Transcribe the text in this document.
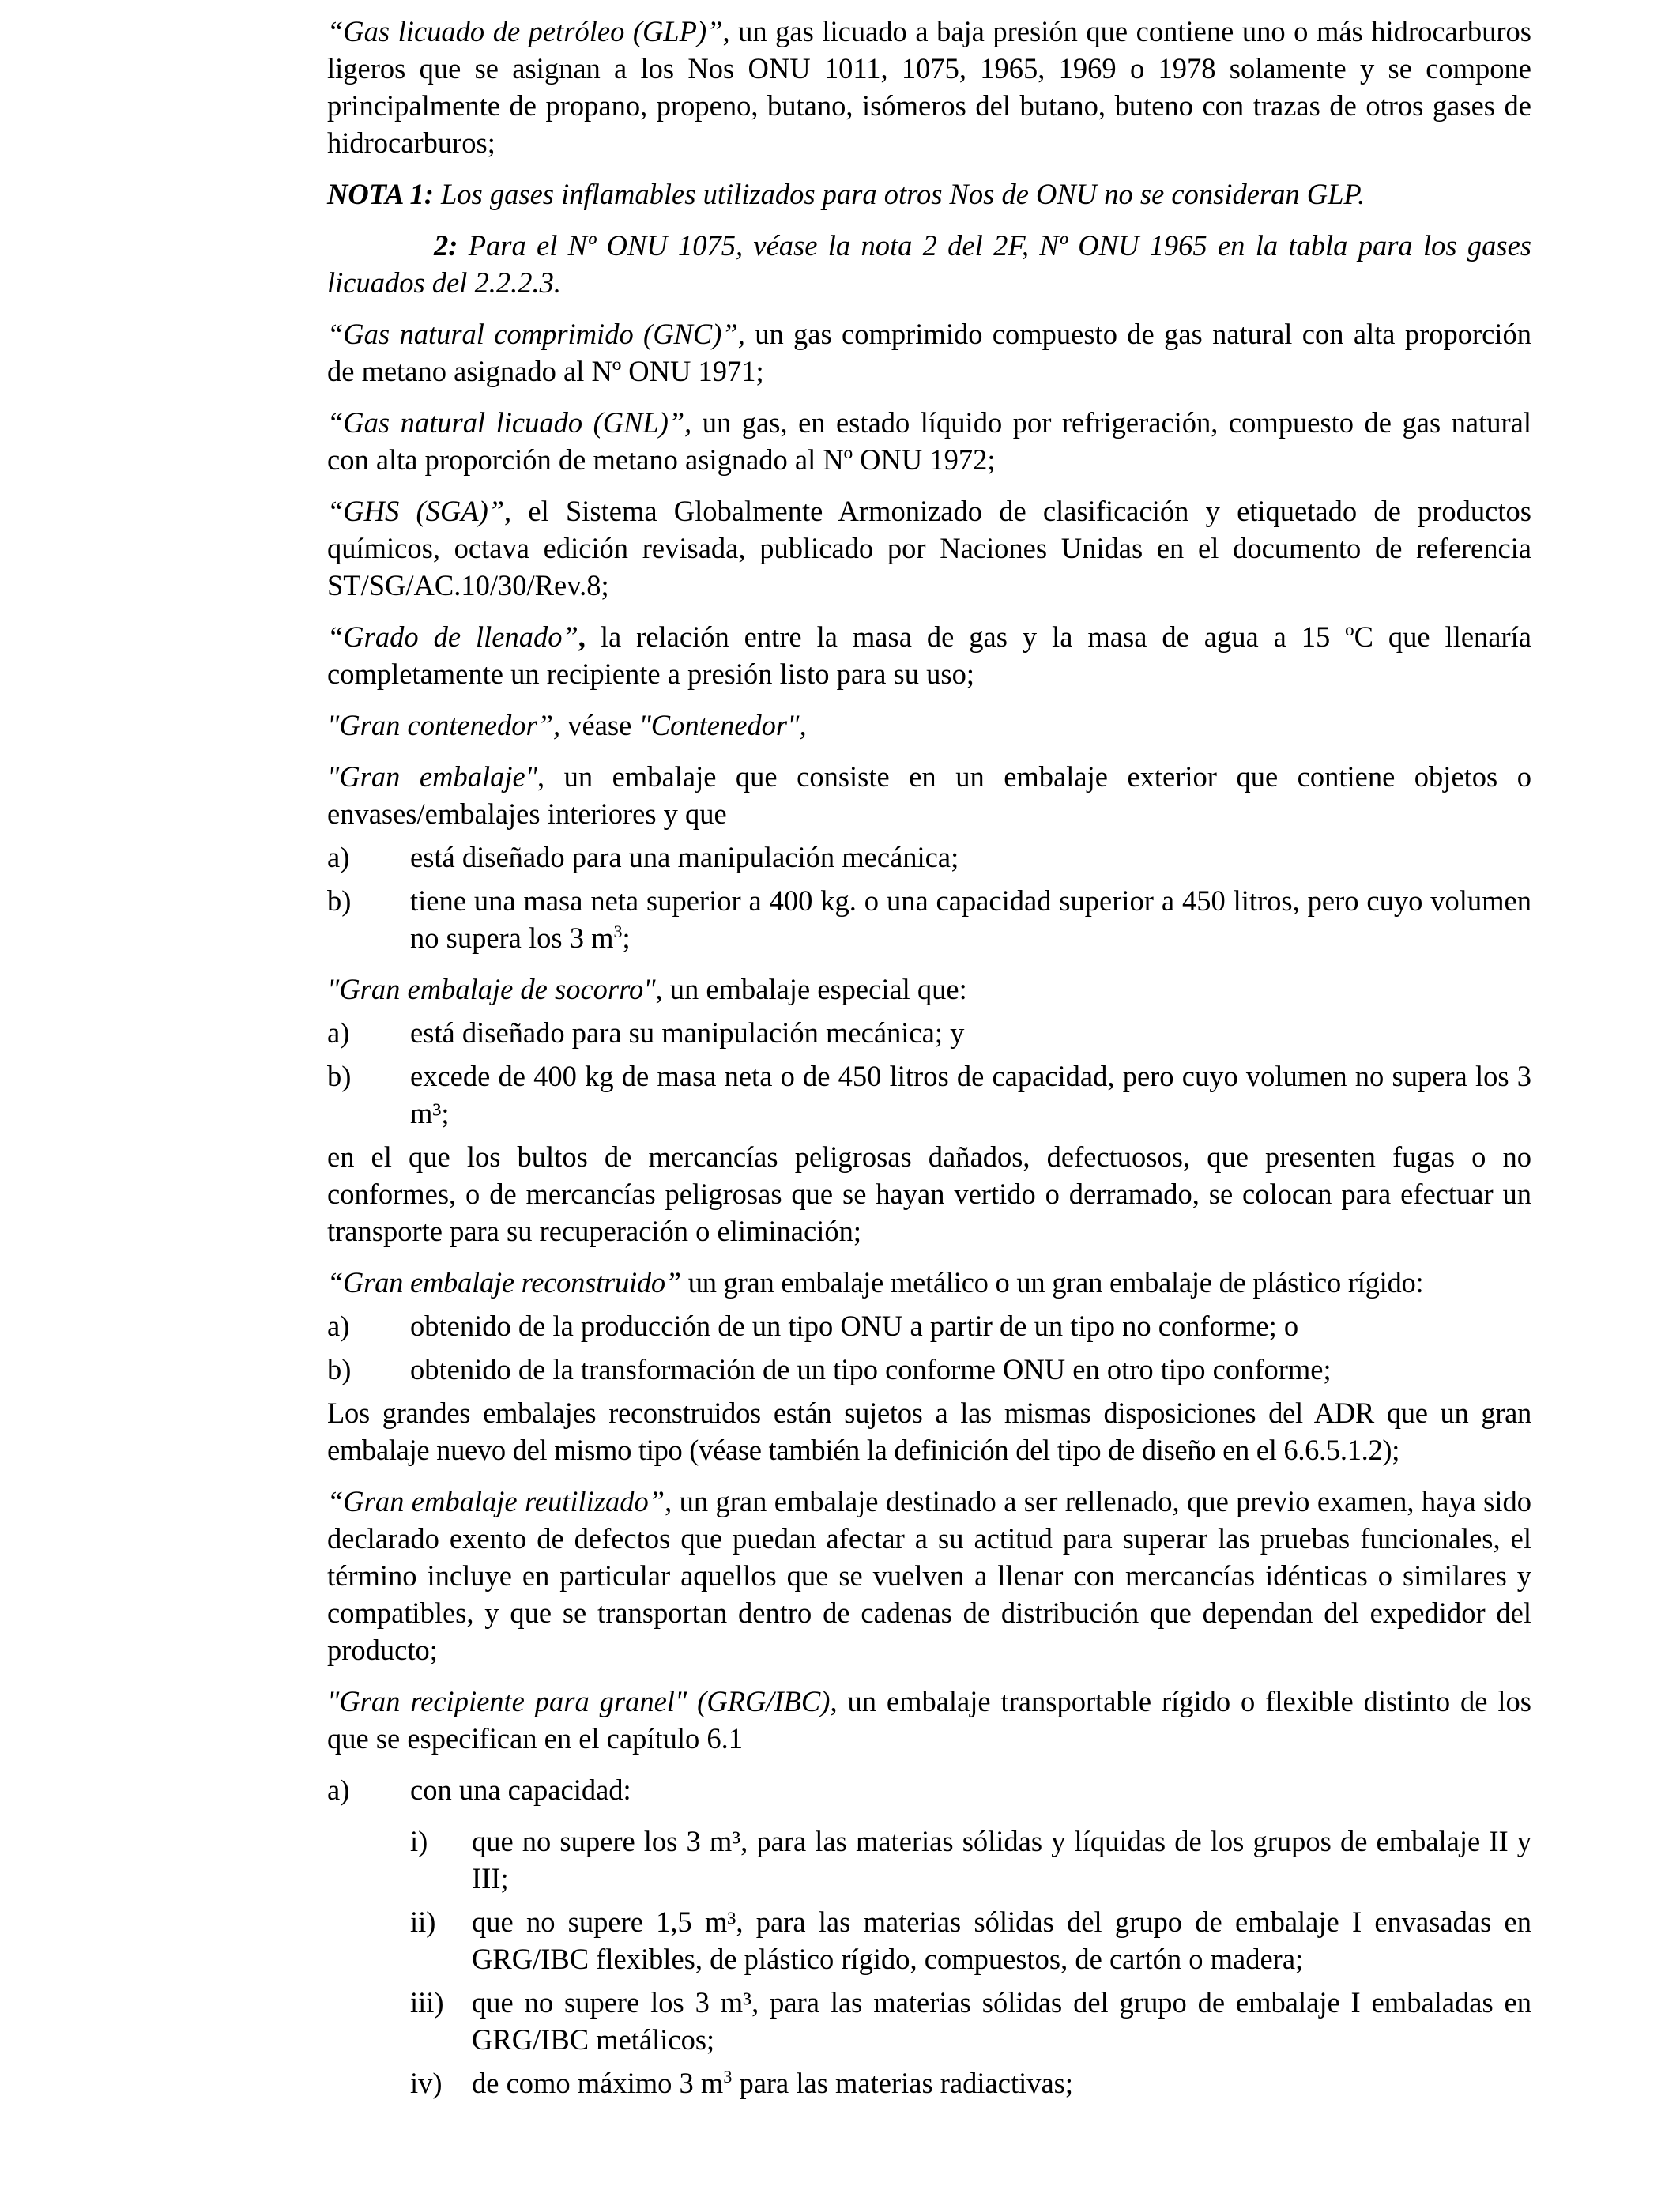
“Gas licuado de petróleo (GLP)”, un gas licuado a baja presión que contiene uno o más hidrocarburos ligeros que se asignan a los Nos ONU 1011, 1075, 1965, 1969 o 1978 solamente y se compone principalmente de propano, propeno, butano, isómeros del butano, buteno con trazas de otros gases de hidrocarburos;

NOTA 1: Los gases inflamables utilizados para otros Nos de ONU no se consideran GLP.

2: Para el Nº ONU 1075, véase la nota 2 del 2F, Nº ONU 1965 en la tabla para los gases licuados del 2.2.2.3.

“Gas natural comprimido (GNC)”, un gas comprimido compuesto de gas natural con alta proporción de metano asignado al Nº ONU 1971;

“Gas natural licuado (GNL)”, un gas, en estado líquido por refrigeración, compuesto de gas natural con alta proporción de metano asignado al Nº ONU 1972;

“GHS (SGA)”, el Sistema Globalmente Armonizado de clasificación y etiquetado de productos químicos, octava edición revisada, publicado por Naciones Unidas en el documento de referencia ST/SG/AC.10/30/Rev.8;

“Grado de llenado”, la relación entre la masa de gas y la masa de agua a 15 ºC que llenaría completamente un recipiente a presión listo para su uso;

"Gran contenedor”, véase "Contenedor",

"Gran embalaje", un embalaje que consiste en un embalaje exterior que contiene objetos o envases/embalajes interiores y que

a)	está diseñado para una manipulación mecánica;
b)	tiene una masa neta superior a 400 kg. o una capacidad superior a 450 litros, pero cuyo volumen no supera los 3 $m^3$;

"Gran embalaje de socorro", un embalaje especial que:

a)	está diseñado para su manipulación mecánica; y
b)	excede de 400 kg de masa neta o de 450 litros de capacidad, pero cuyo volumen no supera los 3 m³;

en el que los bultos de mercancías peligrosas dañados, defectuosos, que presenten fugas o no conformes, o de mercancías peligrosas que se hayan vertido o derramado, se colocan para efectuar un transporte para su recuperación o eliminación;

“Gran embalaje reconstruido” un gran embalaje metálico o un gran embalaje de plástico rígido:

a)	obtenido de la producción de un tipo ONU a partir de un tipo no conforme; o
b)	obtenido de la transformación de un tipo conforme ONU en otro tipo conforme;

Los grandes embalajes reconstruidos están sujetos a las mismas disposiciones del ADR que un gran embalaje nuevo del mismo tipo (véase también la definición del tipo de diseño en el 6.6.5.1.2);

“Gran embalaje reutilizado”, un gran embalaje destinado a ser rellenado, que previo examen, haya sido declarado exento de defectos que puedan afectar a su actitud para superar las pruebas funcionales, el término incluye en particular aquellos que se vuelven a llenar con mercancías idénticas o similares y compatibles, y que se transportan dentro de cadenas de distribución que dependan del expedidor del producto;

"Gran recipiente para granel" (GRG/IBC), un embalaje transportable rígido o flexible distinto de los que se especifican en el capítulo 6.1

a)	con una capacidad:
i)	que no supere los 3 m³, para las materias sólidas y líquidas de los grupos de embalaje II y III;
ii)	que no supere 1,5 m³, para las materias sólidas del grupo de embalaje I envasadas en GRG/IBC flexibles, de plástico rígido, compuestos, de cartón o madera;
iii) que no supere los 3 m³, para las materias sólidas del grupo de embalaje I embaladas en GRG/IBC metálicos;
iv)	de como máximo 3 $m^3$ para las materias radiactivas;
